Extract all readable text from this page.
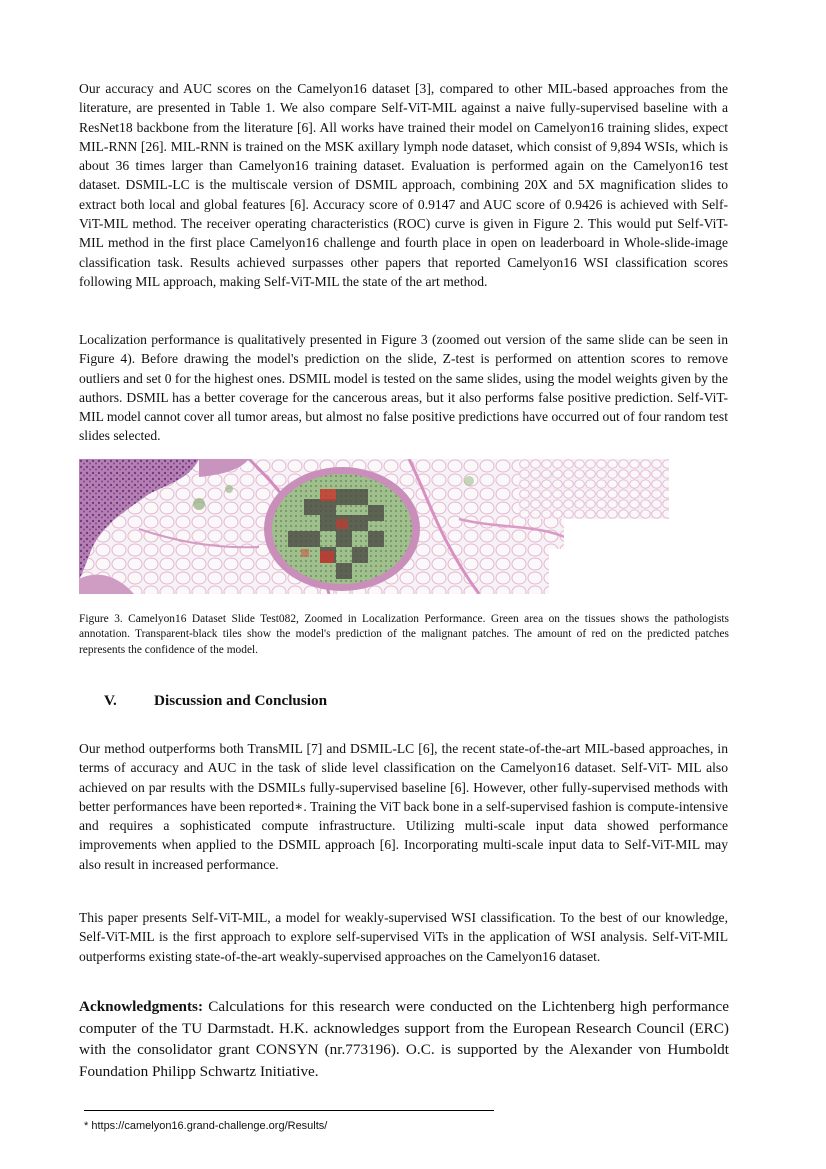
Our accuracy and AUC scores on the Camelyon16 dataset [3], compared to other MIL-based approaches from the literature, are presented in Table 1. We also compare Self-ViT-MIL against a naive fully-supervised baseline with a ResNet18 backbone from the literature [6]. All works have trained their model on Camelyon16 training slides, expect MIL-RNN [26]. MIL-RNN is trained on the MSK axillary lymph node dataset, which consist of 9,894 WSIs, which is about 36 times larger than Camelyon16 training dataset. Evaluation is performed again on the Camelyon16 test dataset. DSMIL-LC is the multiscale version of DSMIL approach, combining 20X and 5X magnification slides to extract both local and global features [6]. Accuracy score of 0.9147 and AUC score of 0.9426 is achieved with Self-ViT-MIL method. The receiver operating characteristics (ROC) curve is given in Figure 2. This would put Self-ViT-MIL method in the first place Camelyon16 challenge and fourth place in open on leaderboard in Whole-slide-image classification task. Results achieved surpasses other papers that reported Camelyon16 WSI classification scores following MIL approach, making Self-ViT-MIL the state of the art method.

Localization performance is qualitatively presented in Figure 3 (zoomed out version of the same slide can be seen in Figure 4). Before drawing the model's prediction on the slide, Z-test is performed on attention scores to remove outliers and set 0 for the highest ones. DSMIL model is tested on the same slides, using the model weights given by the authors. DSMIL has a better coverage for the cancerous areas, but it also performs false positive prediction. Self-ViT-MIL model cannot cover all tumor areas, but almost no false positive predictions have occurred out of four random test slides selected.

Figure 3. Camelyon16 Dataset Slide Test082, Zoomed in Localization Performance. Green area on the tissues shows the pathologists annotation. Transparent-black tiles show the model's prediction of the malignant patches. The amount of red on the predicted patches represents the confidence of the model.

V. Discussion and Conclusion

Our method outperforms both TransMIL [7] and DSMIL-LC [6], the recent state-of-the-art MIL-based approaches, in terms of accuracy and AUC in the task of slide level classification on the Camelyon16 dataset. Self-ViT- MIL also achieved on par results with the DSMILs fully-supervised baseline [6]. However, other fully-supervised methods with better performances have been reported∗. Training the ViT back bone in a self-supervised fashion is compute-intensive and requires a sophisticated compute infrastructure. Utilizing multi-scale input data showed performance improvements when applied to the DSMIL approach [6]. Incorporating multi-scale input data to Self-ViT-MIL may also result in increased performance.

This paper presents Self-ViT-MIL, a model for weakly-supervised WSI classification. To the best of our knowledge, Self-ViT-MIL is the first approach to explore self-supervised ViTs in the application of WSI analysis. Self-ViT-MIL outperforms existing state-of-the-art weakly-supervised approaches on the Camelyon16 dataset.

Acknowledgments: Calculations for this research were conducted on the Lichtenberg high performance computer of the TU Darmstadt. H.K. acknowledges support from the European Research Council (ERC) with the consolidator grant CONSYN (nr.773196). O.C. is supported by the Alexander von Humboldt Foundation Philipp Schwartz Initiative.

* https://camelyon16.grand-challenge.org/Results/
